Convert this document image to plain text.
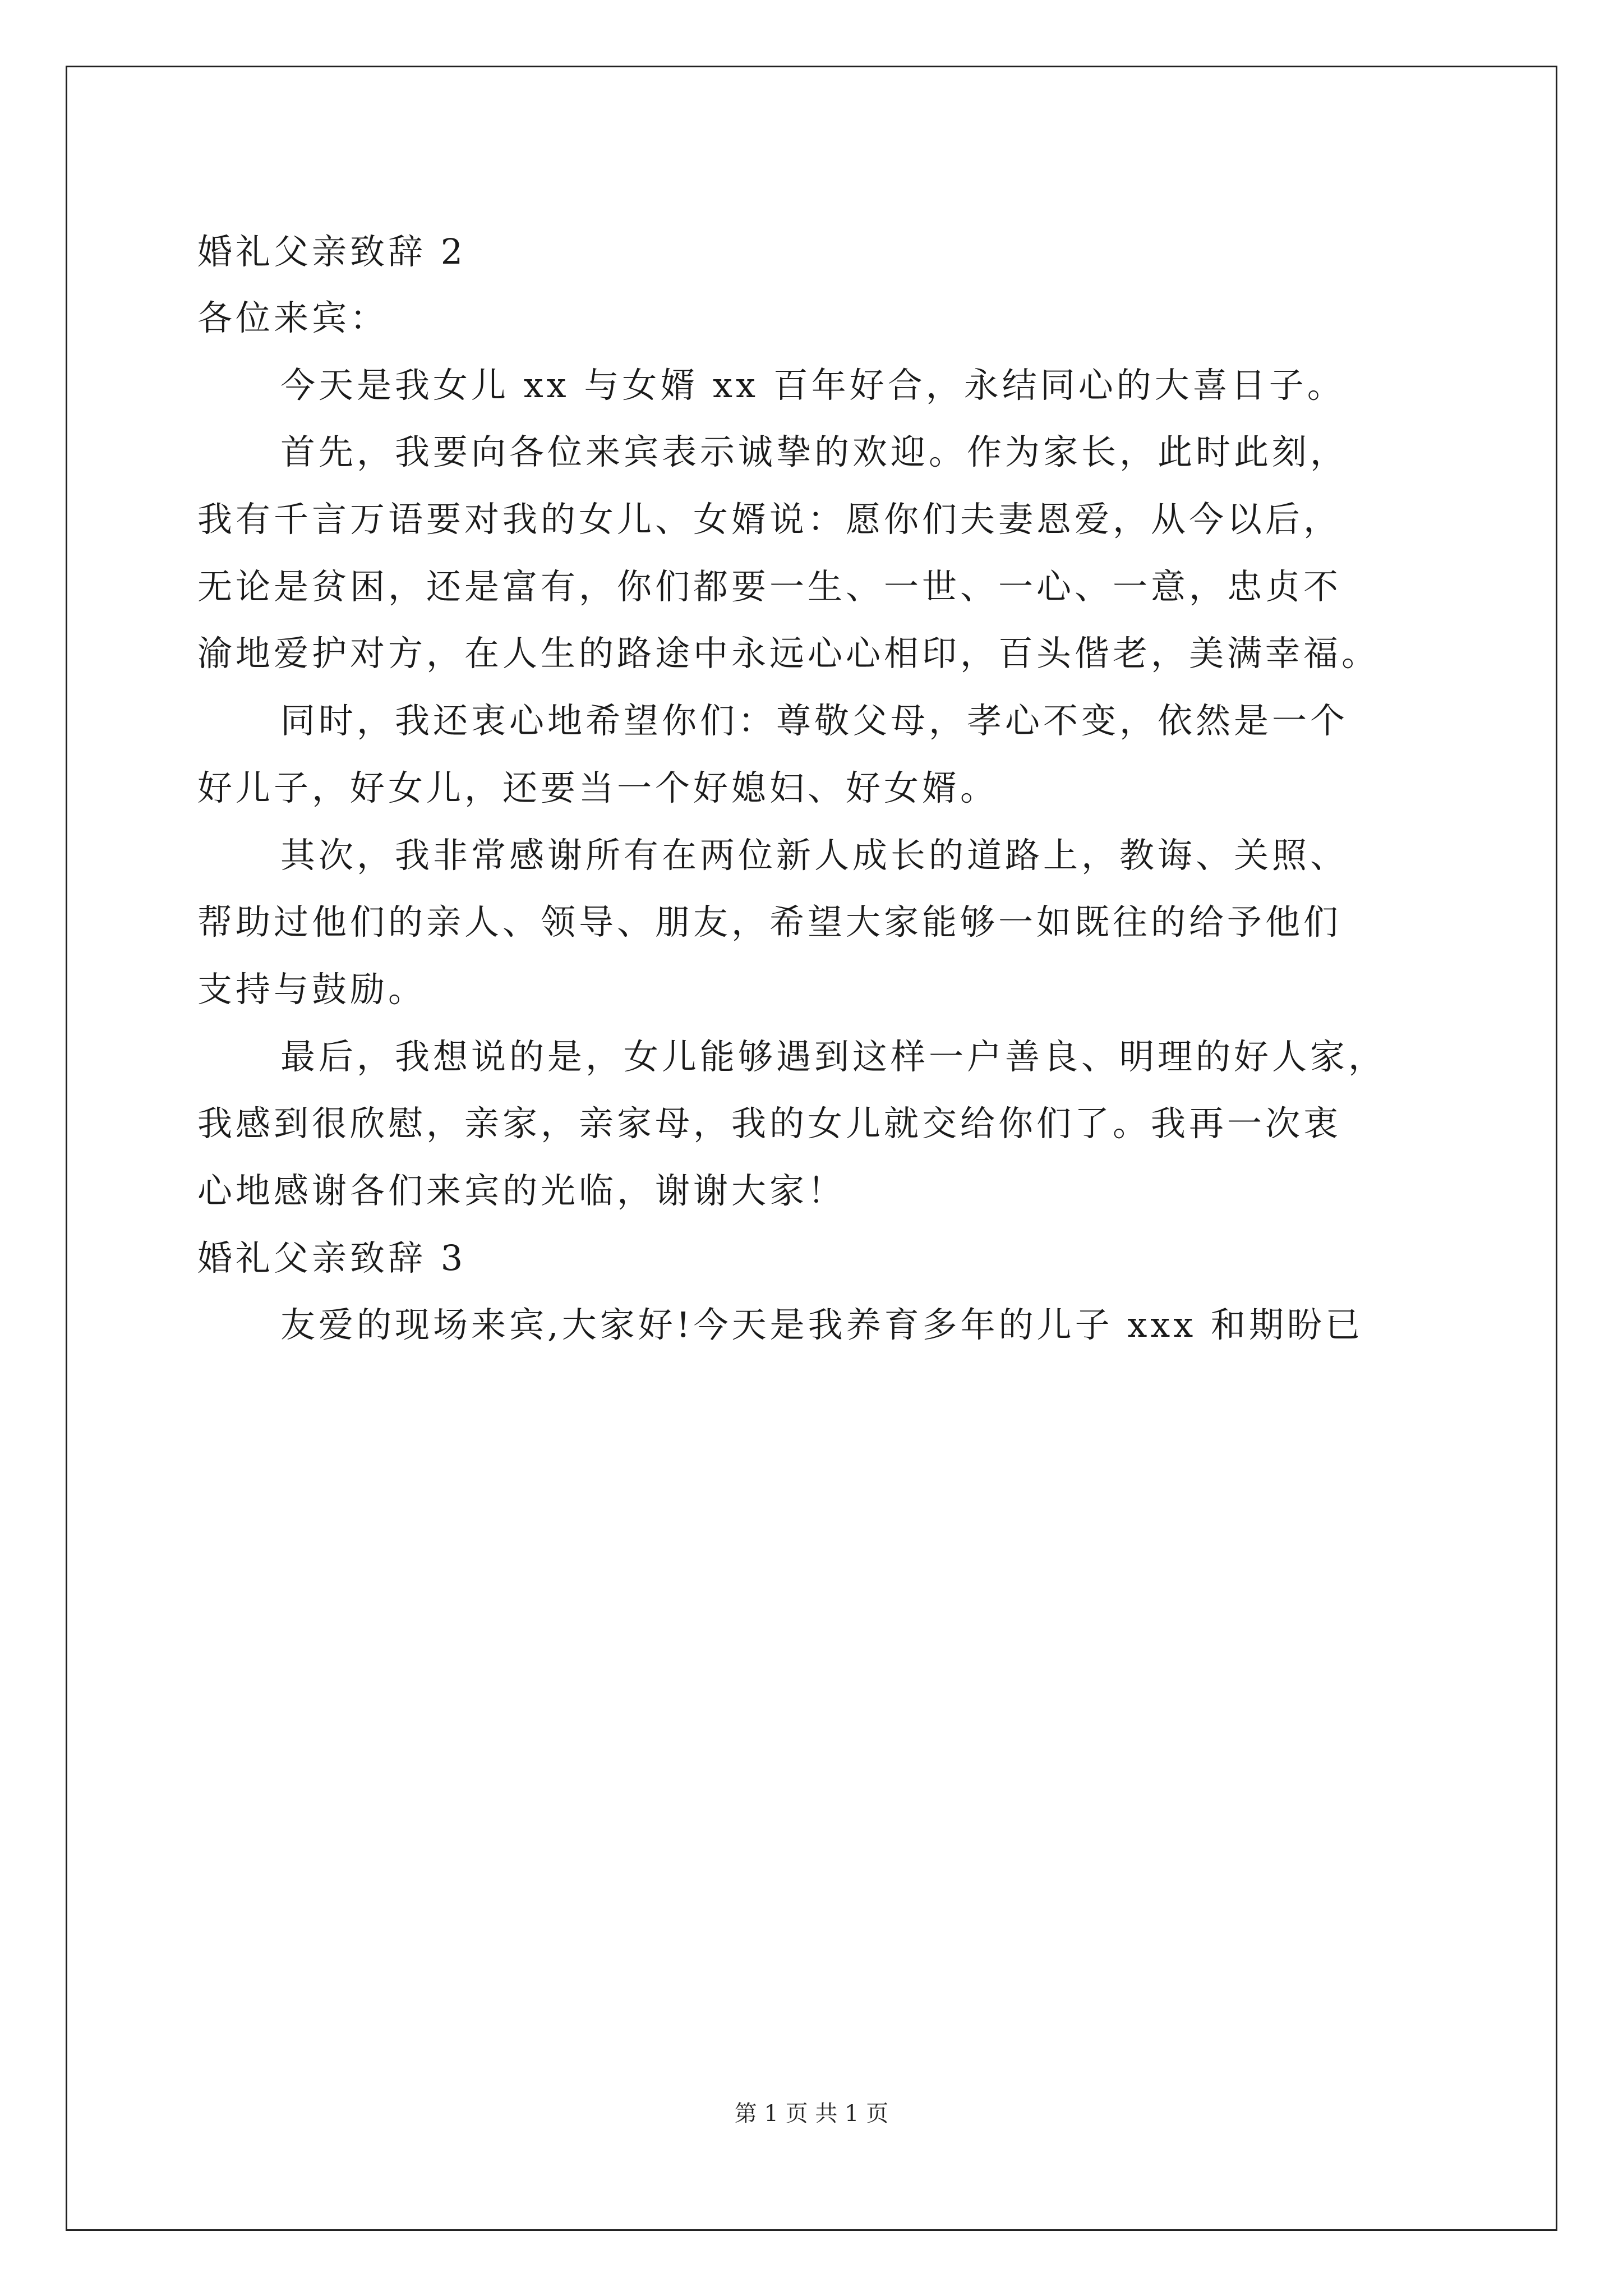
婚礼父亲致辞 2
各位来宾：
今天是我女儿 xx 与女婿 xx 百年好合，永结同心的大喜日子。
首先，我要向各位来宾表示诚挚的欢迎。作为家长，此时此刻，
我有千言万语要对我的女儿、女婿说：愿你们夫妻恩爱，从今以后，
无论是贫困，还是富有，你们都要一生、一世、一心、一意，忠贞不
渝地爱护对方，在人生的路途中永远心心相印，百头偕老，美满幸福。
同时，我还衷心地希望你们：尊敬父母，孝心不变，依然是一个
好儿子，好女儿，还要当一个好媳妇、好女婿。
其次，我非常感谢所有在两位新人成长的道路上，教诲、关照、
帮助过他们的亲人、领导、朋友，希望大家能够一如既往的给予他们
支持与鼓励。
最后，我想说的是，女儿能够遇到这样一户善良、明理的好人家，
我感到很欣慰，亲家，亲家母，我的女儿就交给你们了。我再一次衷
心地感谢各们来宾的光临，谢谢大家！
婚礼父亲致辞 3
友爱的现场来宾,大家好!今天是我养育多年的儿子 xxx 和期盼已
第 1 页 共 1 页
